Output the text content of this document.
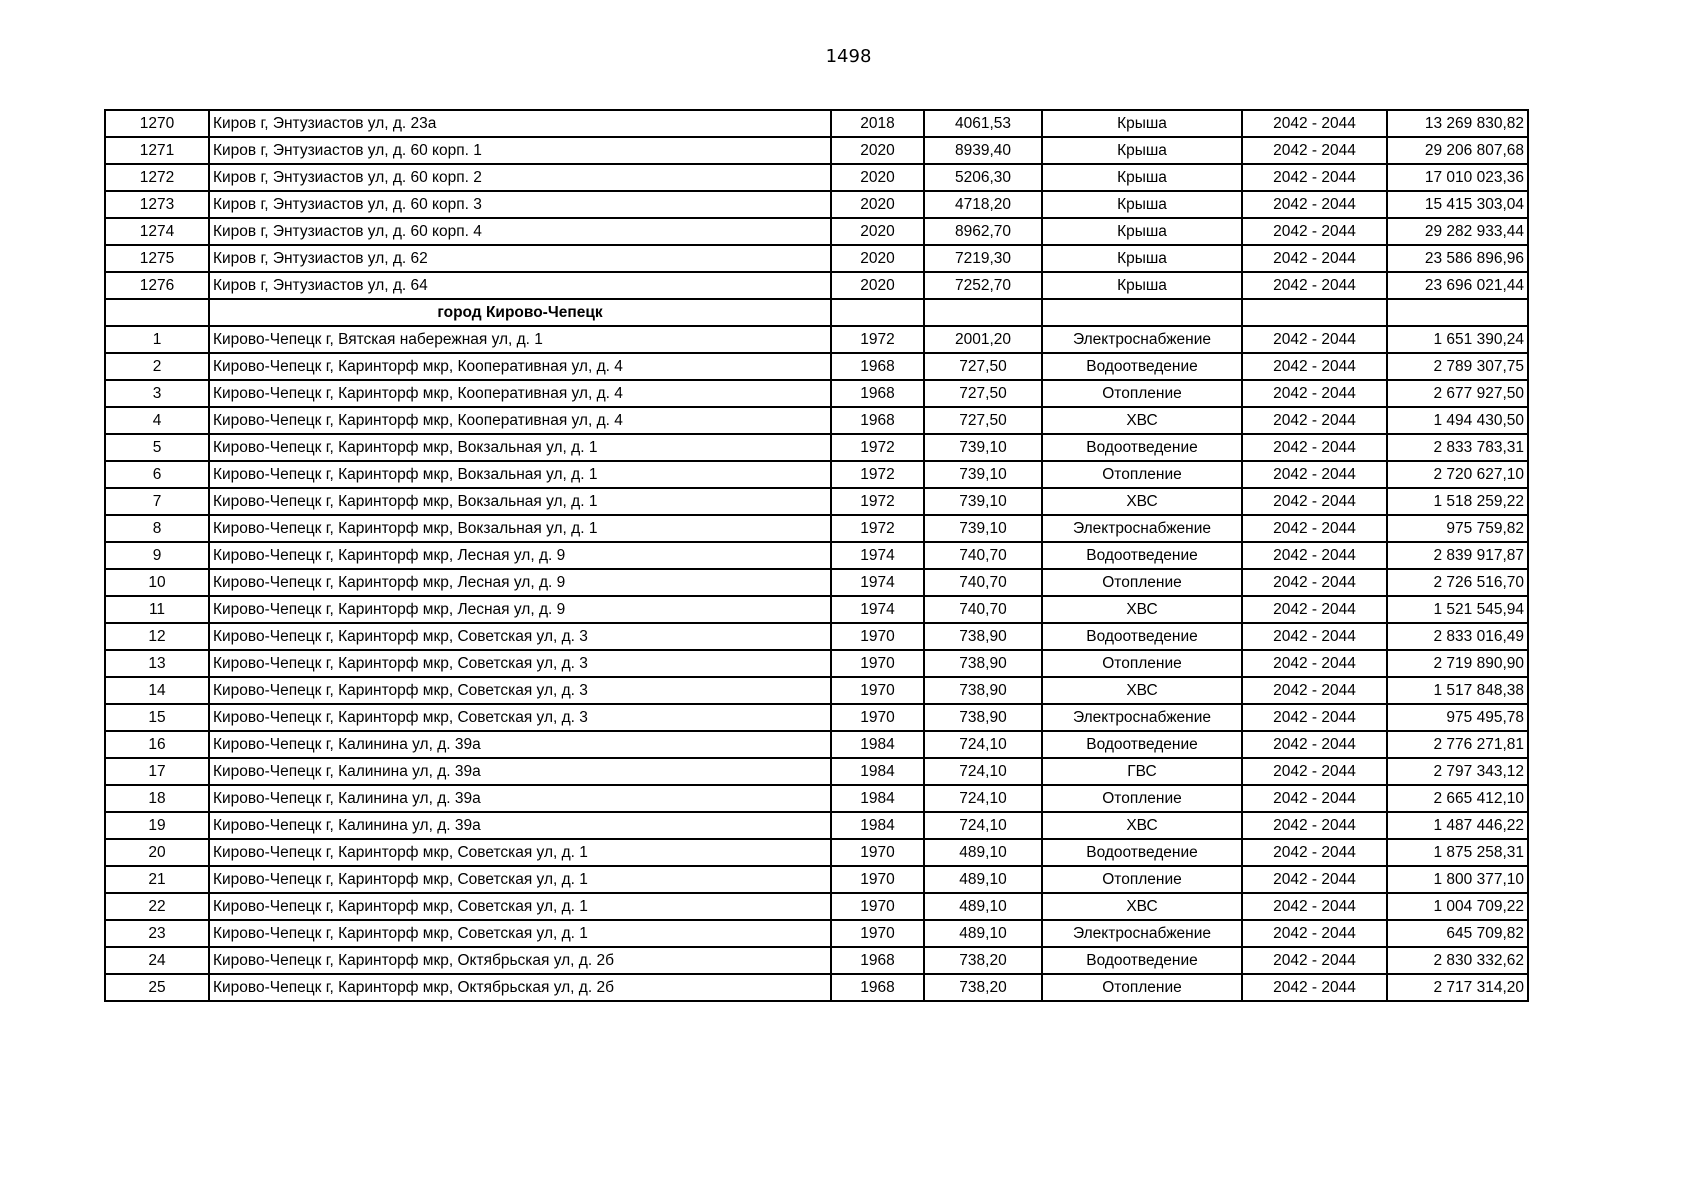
1498
1270	Киров г, Энтузиастов ул, д. 23а	2018	4061,53	Крыша	2042 - 2044	13 269 830,82
1271	Киров г, Энтузиастов ул, д. 60 корп. 1	2020	8939,40	Крыша	2042 - 2044	29 206 807,68
1272	Киров г, Энтузиастов ул, д. 60 корп. 2	2020	5206,30	Крыша	2042 - 2044	17 010 023,36
1273	Киров г, Энтузиастов ул, д. 60 корп. 3	2020	4718,20	Крыша	2042 - 2044	15 415 303,04
1274	Киров г, Энтузиастов ул, д. 60 корп. 4	2020	8962,70	Крыша	2042 - 2044	29 282 933,44
1275	Киров г, Энтузиастов ул, д. 62	2020	7219,30	Крыша	2042 - 2044	23 586 896,96
1276	Киров г, Энтузиастов ул, д. 64	2020	7252,70	Крыша	2042 - 2044	23 696 021,44
	город Кирово-Чепецк					
1	Кирово-Чепецк г, Вятская набережная ул, д. 1	1972	2001,20	Электроснабжение	2042 - 2044	1 651 390,24
2	Кирово-Чепецк г, Каринторф мкр, Кооперативная ул, д. 4	1968	727,50	Водоотведение	2042 - 2044	2 789 307,75
3	Кирово-Чепецк г, Каринторф мкр, Кооперативная ул, д. 4	1968	727,50	Отопление	2042 - 2044	2 677 927,50
4	Кирово-Чепецк г, Каринторф мкр, Кооперативная ул, д. 4	1968	727,50	ХВС	2042 - 2044	1 494 430,50
5	Кирово-Чепецк г, Каринторф мкр, Вокзальная ул, д. 1	1972	739,10	Водоотведение	2042 - 2044	2 833 783,31
6	Кирово-Чепецк г, Каринторф мкр, Вокзальная ул, д. 1	1972	739,10	Отопление	2042 - 2044	2 720 627,10
7	Кирово-Чепецк г, Каринторф мкр, Вокзальная ул, д. 1	1972	739,10	ХВС	2042 - 2044	1 518 259,22
8	Кирово-Чепецк г, Каринторф мкр, Вокзальная ул, д. 1	1972	739,10	Электроснабжение	2042 - 2044	975 759,82
9	Кирово-Чепецк г, Каринторф мкр, Лесная ул, д. 9	1974	740,70	Водоотведение	2042 - 2044	2 839 917,87
10	Кирово-Чепецк г, Каринторф мкр, Лесная ул, д. 9	1974	740,70	Отопление	2042 - 2044	2 726 516,70
11	Кирово-Чепецк г, Каринторф мкр, Лесная ул, д. 9	1974	740,70	ХВС	2042 - 2044	1 521 545,94
12	Кирово-Чепецк г, Каринторф мкр, Советская ул, д. 3	1970	738,90	Водоотведение	2042 - 2044	2 833 016,49
13	Кирово-Чепецк г, Каринторф мкр, Советская ул, д. 3	1970	738,90	Отопление	2042 - 2044	2 719 890,90
14	Кирово-Чепецк г, Каринторф мкр, Советская ул, д. 3	1970	738,90	ХВС	2042 - 2044	1 517 848,38
15	Кирово-Чепецк г, Каринторф мкр, Советская ул, д. 3	1970	738,90	Электроснабжение	2042 - 2044	975 495,78
16	Кирово-Чепецк г, Калинина ул, д. 39а	1984	724,10	Водоотведение	2042 - 2044	2 776 271,81
17	Кирово-Чепецк г, Калинина ул, д. 39а	1984	724,10	ГВС	2042 - 2044	2 797 343,12
18	Кирово-Чепецк г, Калинина ул, д. 39а	1984	724,10	Отопление	2042 - 2044	2 665 412,10
19	Кирово-Чепецк г, Калинина ул, д. 39а	1984	724,10	ХВС	2042 - 2044	1 487 446,22
20	Кирово-Чепецк г, Каринторф мкр, Советская ул, д. 1	1970	489,10	Водоотведение	2042 - 2044	1 875 258,31
21	Кирово-Чепецк г, Каринторф мкр, Советская ул, д. 1	1970	489,10	Отопление	2042 - 2044	1 800 377,10
22	Кирово-Чепецк г, Каринторф мкр, Советская ул, д. 1	1970	489,10	ХВС	2042 - 2044	1 004 709,22
23	Кирово-Чепецк г, Каринторф мкр, Советская ул, д. 1	1970	489,10	Электроснабжение	2042 - 2044	645 709,82
24	Кирово-Чепецк г, Каринторф мкр, Октябрьская ул, д. 2б	1968	738,20	Водоотведение	2042 - 2044	2 830 332,62
25	Кирово-Чепецк г, Каринторф мкр, Октябрьская ул, д. 2б	1968	738,20	Отопление	2042 - 2044	2 717 314,20
